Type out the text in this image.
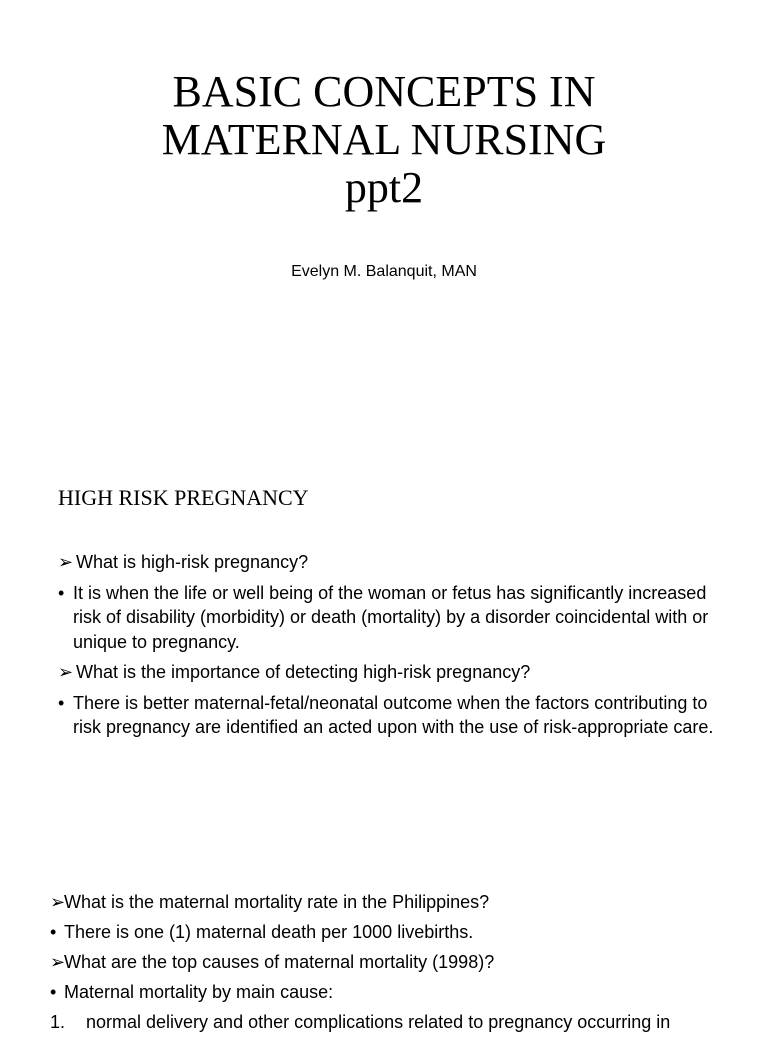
BASIC CONCEPTS IN
MATERNAL NURSING
ppt2
Evelyn M. Balanquit, MAN
HIGH RISK PREGNANCY
➢ What is high-risk pregnancy?
• It is when the life or well being of the woman or fetus has significantly increased risk of disability (morbidity) or death (mortality) by a disorder coincidental with or unique to pregnancy.
➢ What is the importance of detecting high-risk pregnancy?
• There is better maternal-fetal/neonatal outcome when the factors contributing to risk pregnancy are identified an acted upon with the use of risk-appropriate care.
➢
What is the maternal mortality rate in the Philippines?
• There is one (1) maternal death per 1000 livebirths.
➢
What are the top causes of maternal mortality (1998)?
• Maternal mortality by main cause:
1. normal delivery and other complications related to pregnancy occurring in
